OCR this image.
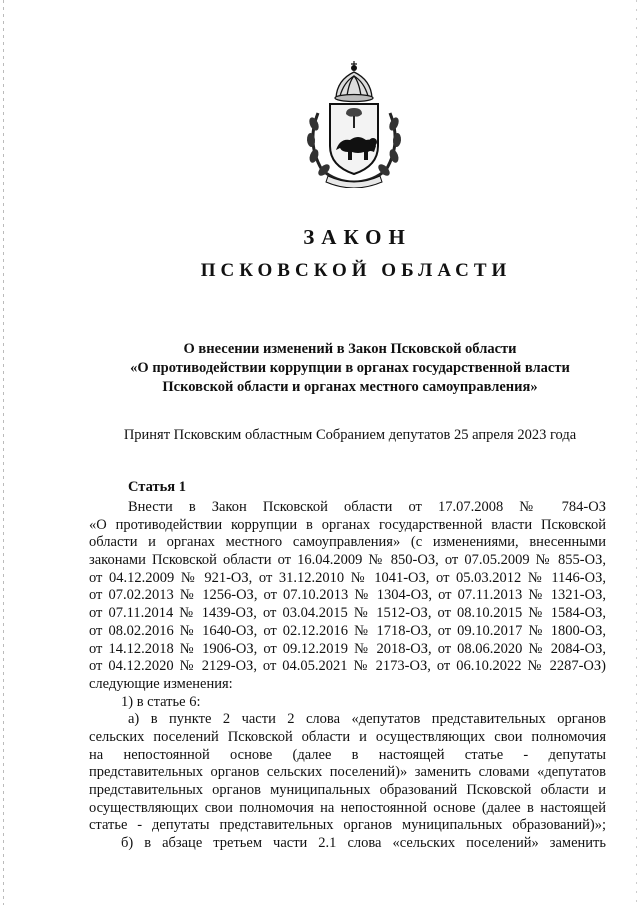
ЗАКОН
ПСКОВСКОЙ ОБЛАСТИ
О внесении изменений в Закон Псковской области
«О противодействии коррупции в органах государственной власти
Псковской области и органах местного самоуправления»
Принят Псковским областным Собранием депутатов 25 апреля 2023 года
Статья 1
Внести в Закон Псковской области от 17.07.2008 № 784-ОЗ
«О противодействии коррупции в органах государственной власти Псковской
области и органах местного самоуправления» (с изменениями, внесенными
законами Псковской области от 16.04.2009 № 850-ОЗ, от 07.05.2009 № 855-ОЗ,
от 04.12.2009 № 921-ОЗ, от 31.12.2010 № 1041-ОЗ, от 05.03.2012 № 1146-ОЗ,
от 07.02.2013 № 1256-ОЗ, от 07.10.2013 № 1304-ОЗ, от 07.11.2013 № 1321-ОЗ,
от 07.11.2014 № 1439-ОЗ, от 03.04.2015 № 1512-ОЗ, от 08.10.2015 № 1584-ОЗ,
от 08.02.2016 № 1640-ОЗ, от 02.12.2016 № 1718-ОЗ, от 09.10.2017 № 1800-ОЗ,
от 14.12.2018 № 1906-ОЗ, от 09.12.2019 № 2018-ОЗ, от 08.06.2020 № 2084-ОЗ,
от 04.12.2020 № 2129-ОЗ, от 04.05.2021 № 2173-ОЗ, от 06.10.2022 № 2287-ОЗ)
следующие изменения:
1) в статье 6:
а) в пункте 2 части 2 слова «депутатов представительных органов
сельских поселений Псковской области и осуществляющих свои полномочия
на непостоянной основе (далее в настоящей статье - депутаты
представительных органов сельских поселений)» заменить словами «депутатов
представительных органов муниципальных образований Псковской области и
осуществляющих свои полномочия на непостоянной основе (далее в настоящей
статье - депутаты представительных органов муниципальных образований)»;
б) в абзаце третьем части 2.1 слова «сельских поселений» заменить
